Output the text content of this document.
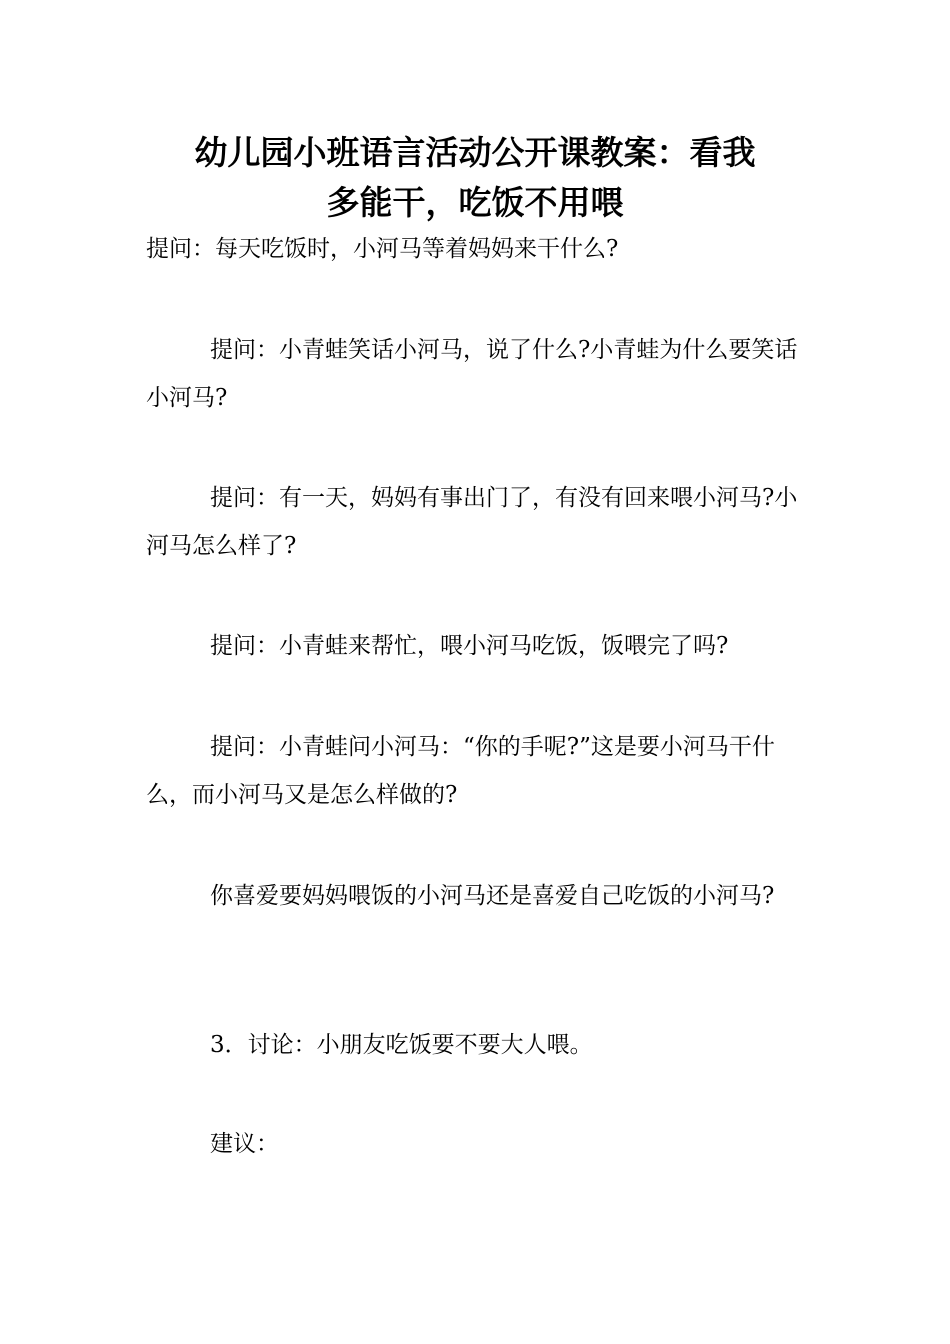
幼儿园小班语言活动公开课教案：看我
多能干，吃饭不用喂

提问：每天吃饭时，小河马等着妈妈来干什么?

提问：小青蛙笑话小河马，说了什么?小青蛙为什么要笑话小河马?

提问：有一天，妈妈有事出门了，有没有回来喂小河马?小河马怎么样了?

提问：小青蛙来帮忙，喂小河马吃饭，饭喂完了吗?

提问：小青蛙问小河马：“你的手呢?”这是要小河马干什么，而小河马又是怎么样做的?

你喜爱要妈妈喂饭的小河马还是喜爱自己吃饭的小河马?

3．讨论：小朋友吃饭要不要大人喂。

建议：
